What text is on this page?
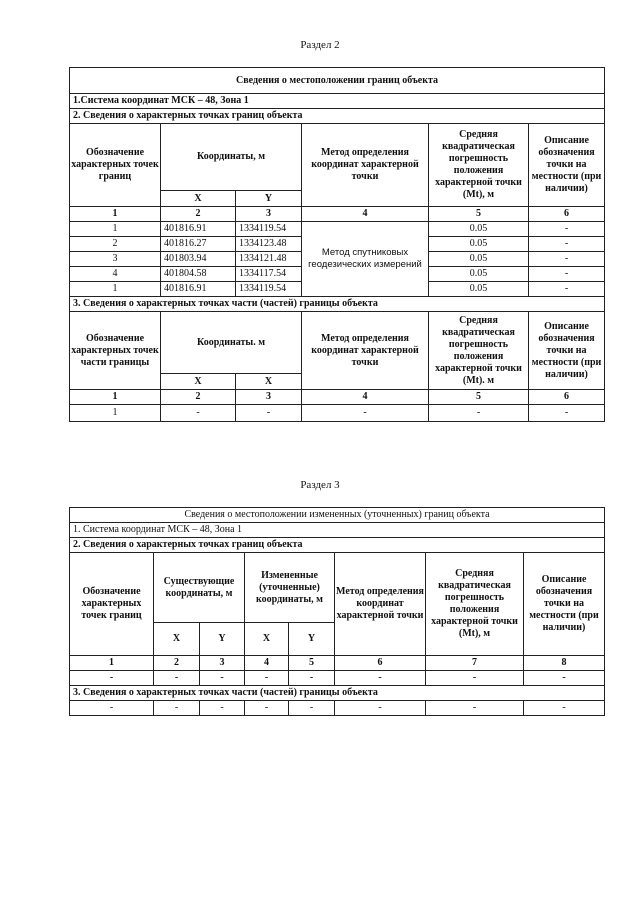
Раздел 2
Сведения о местоположении границ объекта					
1.Система координат МСК – 48, Зона 1					
2. Сведения о характерных точках границ объекта					
Обозначение характерных точек границ	Координаты, м		Метод определения координат характерной точки	Средняя квадратическая погрешность положения характерной точки (Mt), м	Описание обозначения точки на местности (при наличии)
	X	Y			
1	2	3	4	5	6
1	401816.91	1334119.54	Метод спутниковых геодезических измерений	0.05	-
2	401816.27	1334123.48		0.05	-
3	401803.94	1334121.48		0.05	-
4	401804.58	1334117.54		0.05	-
1	401816.91	1334119.54		0.05	-
3. Сведения о характерных точках части (частей) границы объекта					
Обозначение характерных точек части границы	Координаты. м		Метод определения координат характерной точки	Средняя квадратическая погрешность положения характерной точки (Mt). м	Описание обозначения точки на местности (при наличии)
	X	X			
1	2	3	4	5	6
1	-	-	-	-	-
Раздел 3
Сведения о местоположении измененных (уточненных) границ объекта							
1. Система координат МСК – 48, Зона 1							
2. Сведения о характерных точках границ объекта							
Обозначение характерных точек границ	Существующие координаты, м		Измененные (уточненные) координаты, м		Метод определения координат характерной точки	Средняя квадратическая погрешность положения характерной точки (Mt), м	Описание обозначения точки на местности (при наличии)
	X	Y	X	Y			
1	2	3	4	5	6	7	8
-	-	-	-	-	-	-	-
3. Сведения о характерных точках части (частей) границы объекта							
-	-	-	-	-	-	-	-
